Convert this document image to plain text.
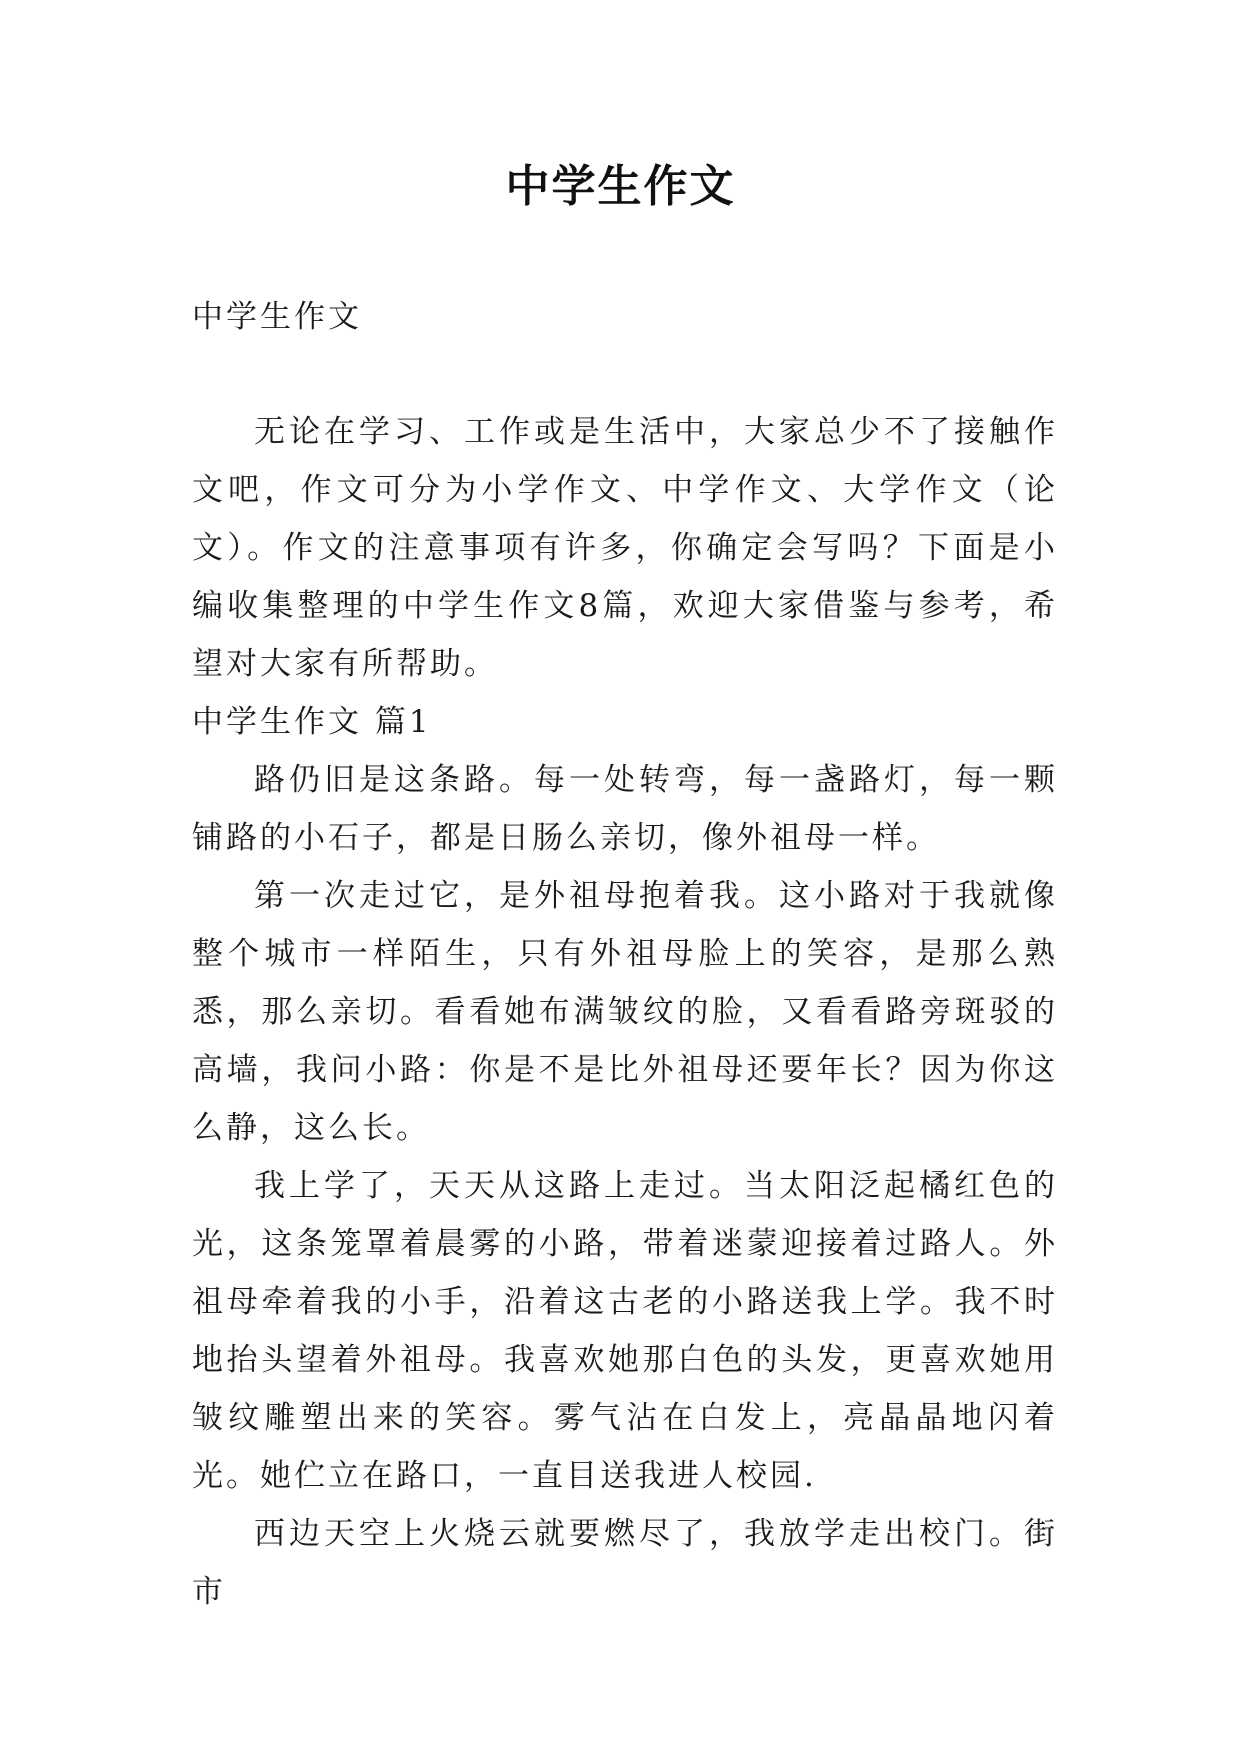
中学生作文

中学生作文

无论在学习、工作或是生活中，大家总少不了接触作文吧，作文可分为小学作文、中学作文、大学作文（论文）。作文的注意事项有许多，你确定会写吗？下面是小编收集整理的中学生作文8篇，欢迎大家借鉴与参考，希望对大家有所帮助。

中学生作文 篇1

路仍旧是这条路。每一处转弯，每一盏路灯，每一颗铺路的小石子，都是日肠么亲切，像外祖母一样。

第一次走过它，是外祖母抱着我。这小路对于我就像整个城市一样陌生，只有外祖母脸上的笑容，是那么熟悉，那么亲切。看看她布满皱纹的脸，又看看路旁斑驳的高墙，我问小路：你是不是比外祖母还要年长？因为你这么静，这么长。

我上学了，天天从这路上走过。当太阳泛起橘红色的光，这条笼罩着晨雾的小路，带着迷蒙迎接着过路人。外祖母牵着我的小手，沿着这古老的小路送我上学。我不时地抬头望着外祖母。我喜欢她那白色的头发，更喜欢她用皱纹雕塑出来的笑容。雾气沾在白发上，亮晶晶地闪着光。她伫立在路口，一直目送我进人校园.

西边天空上火烧云就要燃尽了，我放学走出校门。街市
